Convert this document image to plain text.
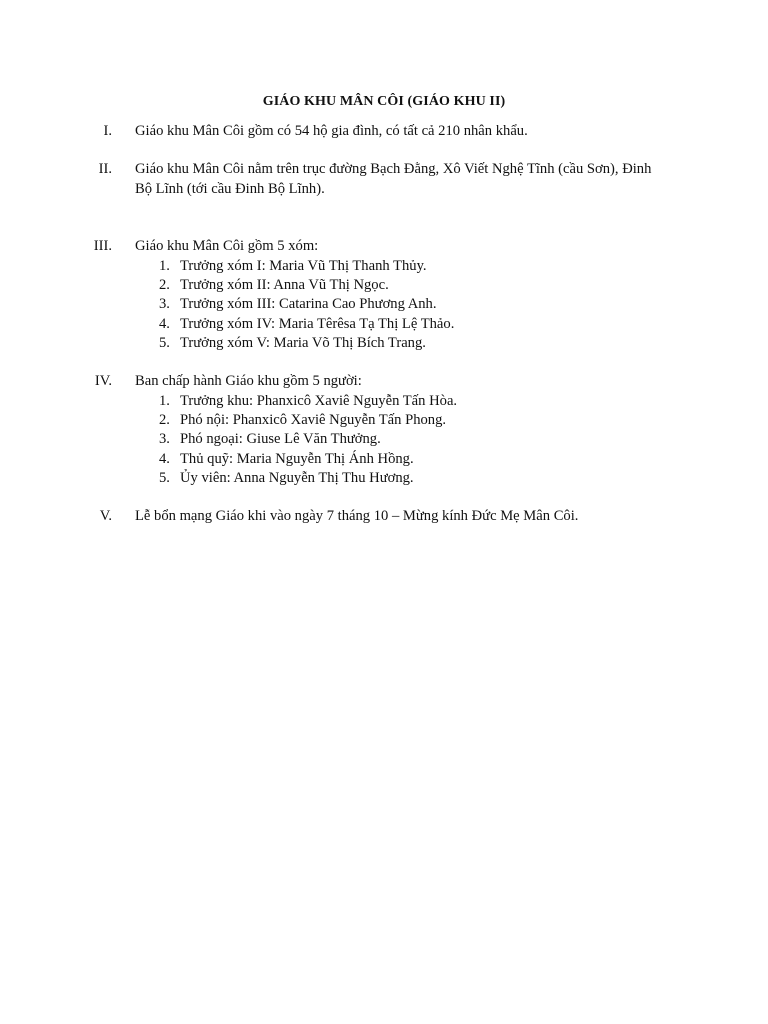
GIÁO KHU MÂN CÔI (GIÁO KHU II)
I. Giáo khu Mân Côi gồm có 54 hộ gia đình, có tất cả 210 nhân khẩu.
II. Giáo khu Mân Côi nằm trên trục đường Bạch Đằng, Xô Viết Nghệ Tĩnh (cầu Sơn), Đinh
Bộ Lĩnh (tới cầu Đinh Bộ Lĩnh).
III. Giáo khu Mân Côi gồm 5 xóm:
1. Trưởng xóm I: Maria Vũ Thị Thanh Thủy.
2. Trưởng xóm II: Anna Vũ Thị Ngọc.
3. Trưởng xóm III: Catarina Cao Phương Anh.
4. Trưởng xóm IV: Maria Têrêsa Tạ Thị Lệ Thảo.
5. Trưởng xóm V: Maria Võ Thị Bích Trang.
IV. Ban chấp hành Giáo khu gồm 5 người:
1. Trưởng khu: Phanxicô Xaviê Nguyễn Tấn Hòa.
2. Phó nội: Phanxicô Xaviê Nguyễn Tấn Phong.
3. Phó ngoại: Giuse Lê Văn Thưởng.
4. Thủ quỹ: Maria Nguyễn Thị Ánh Hồng.
5. Ủy viên: Anna Nguyễn Thị Thu Hương.
V. Lễ bổn mạng Giáo khi vào ngày 7 tháng 10 – Mừng kính Đức Mẹ Mân Côi.
